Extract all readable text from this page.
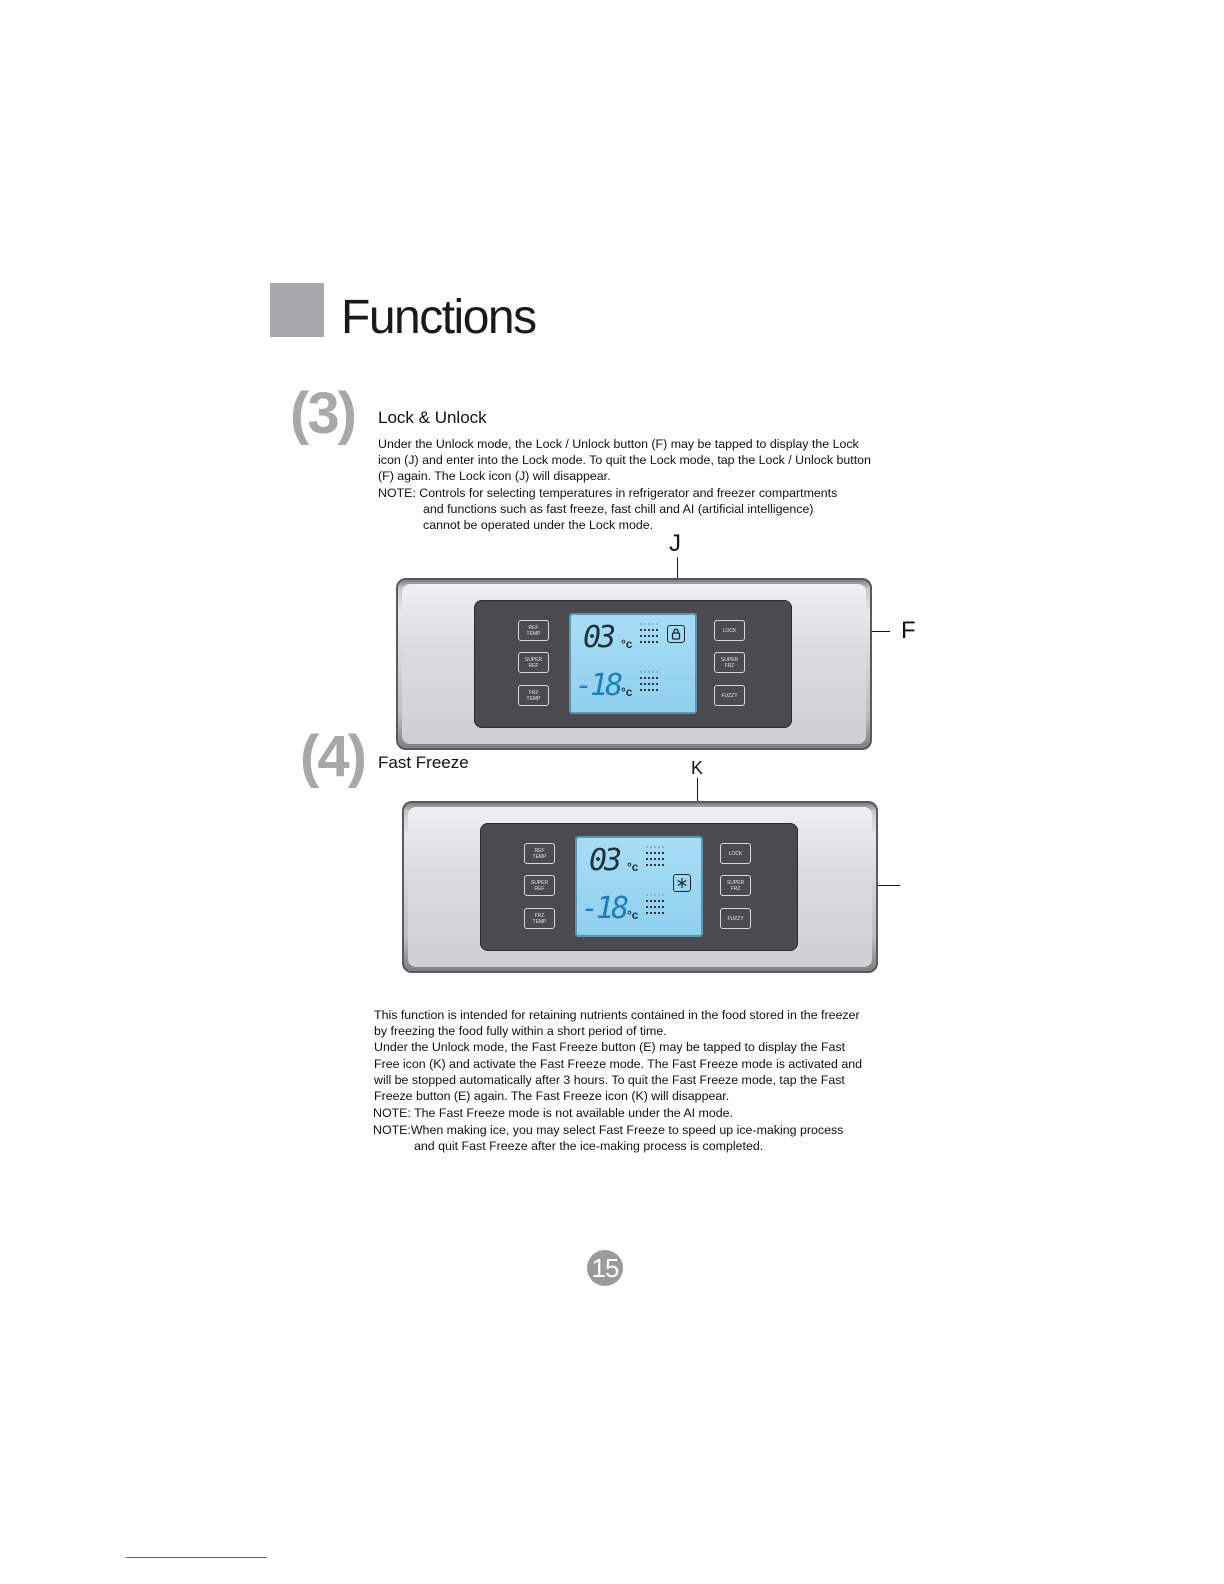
Functions
(3) Lock & Unlock
Under the Unlock mode, the Lock / Unlock button (F) may be tapped to display the Lock
icon (J) and enter into the Lock mode. To quit the Lock mode, tap the Lock / Unlock button
(F) again. The Lock icon (J) will disappear.
NOTE: Controls for selecting temperatures in refrigerator and freezer compartments
and functions such as fast freeze, fast chill and AI (artificial intelligence)
cannot be operated under the Lock mode.
J
F
REF
TEMP
SUPER
REF
FRZ
TEMP
LOCK
SUPER
FRZ
FUZZY
03 °c
-18 °c
(4) Fast Freeze	K
REF
TEMP
SUPER
REF
FRZ
TEMP
LOCK
SUPER
FRZ
FUZZY
03 °c
-18 °c
This function is intended for retaining nutrients contained in the food stored in the freezer
by freezing the food fully within a short period of time.
Under the Unlock mode, the Fast Freeze button (E) may be tapped to display the Fast
Free icon (K) and activate the Fast Freeze mode. The Fast Freeze mode is activated and
will be stopped automatically after 3 hours. To quit the Fast Freeze mode, tap the Fast
Freeze button (E) again. The Fast Freeze icon (K) will disappear.
NOTE: The Fast Freeze mode is not available under the AI mode.
NOTE:When making ice, you may select Fast Freeze to speed up ice-making process
and quit Fast Freeze after the ice-making process is completed.
15
